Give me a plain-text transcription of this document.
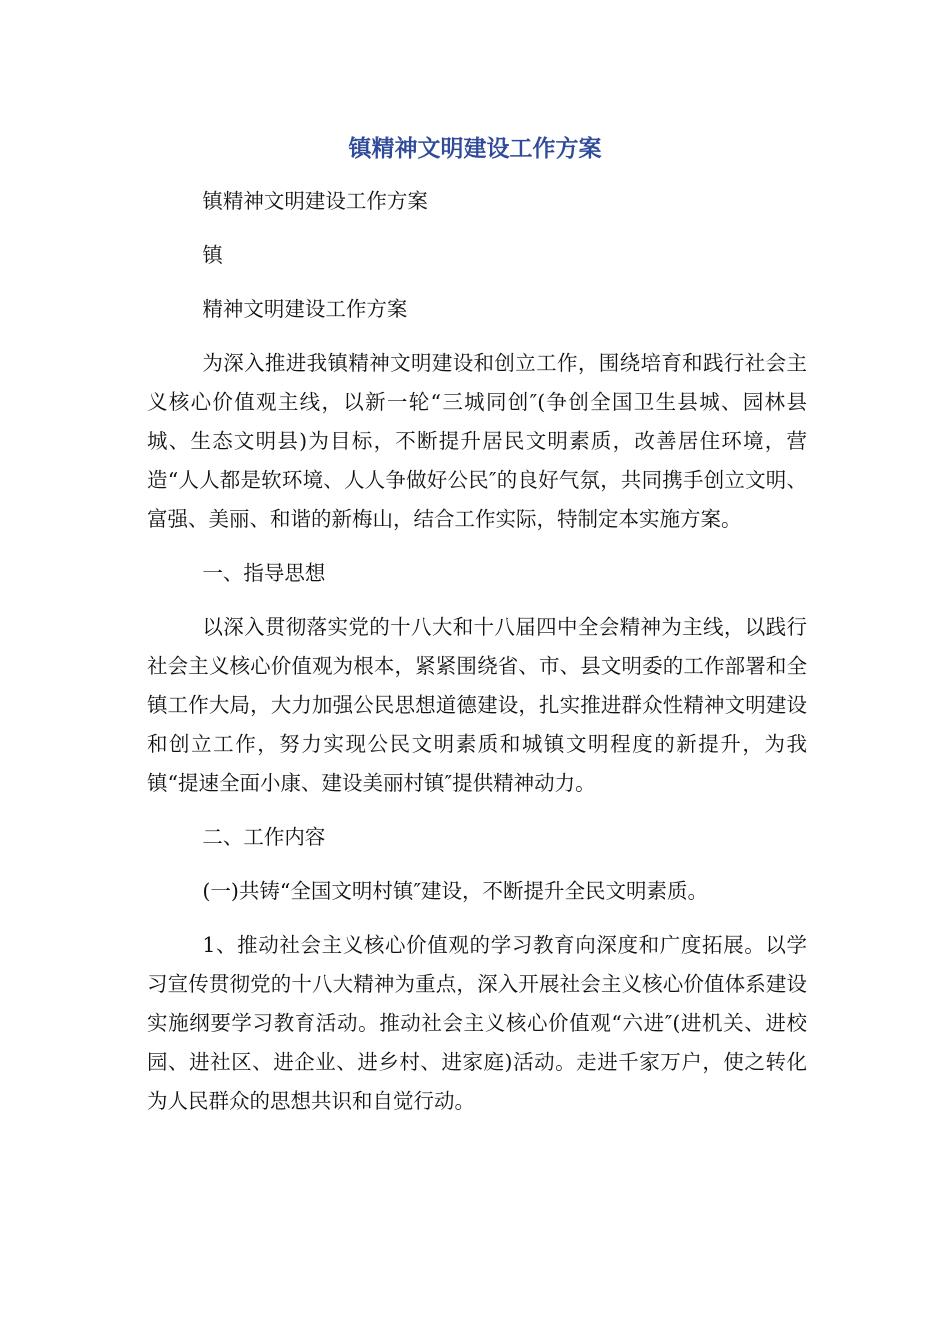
镇精神文明建设工作方案

镇精神文明建设工作方案

镇

精神文明建设工作方案

为深入推进我镇精神文明建设和创立工作，围绕培育和践行社会主义核心价值观主线，以新一轮“三城同创″(争创全国卫生县城、园林县城、生态文明县)为目标，不断提升居民文明素质，改善居住环境，营造“人人都是软环境、人人争做好公民″的良好气氛，共同携手创立文明、富强、美丽、和谐的新梅山，结合工作实际，特制定本实施方案。

一、指导思想

以深入贯彻落实党的十八大和十八届四中全会精神为主线，以践行社会主义核心价值观为根本，紧紧围绕省、市、县文明委的工作部署和全镇工作大局，大力加强公民思想道德建设，扎实推进群众性精神文明建设和创立工作，努力实现公民文明素质和城镇文明程度的新提升，为我镇“提速全面小康、建设美丽村镇″提供精神动力。

二、工作内容

(一)共铸“全国文明村镇″建设，不断提升全民文明素质。

1、推动社会主义核心价值观的学习教育向深度和广度拓展。以学习宣传贯彻党的十八大精神为重点，深入开展社会主义核心价值体系建设实施纲要学习教育活动。推动社会主义核心价值观“六进″(进机关、进校园、进社区、进企业、进乡村、进家庭)活动。走进千家万户，使之转化为人民群众的思想共识和自觉行动。
